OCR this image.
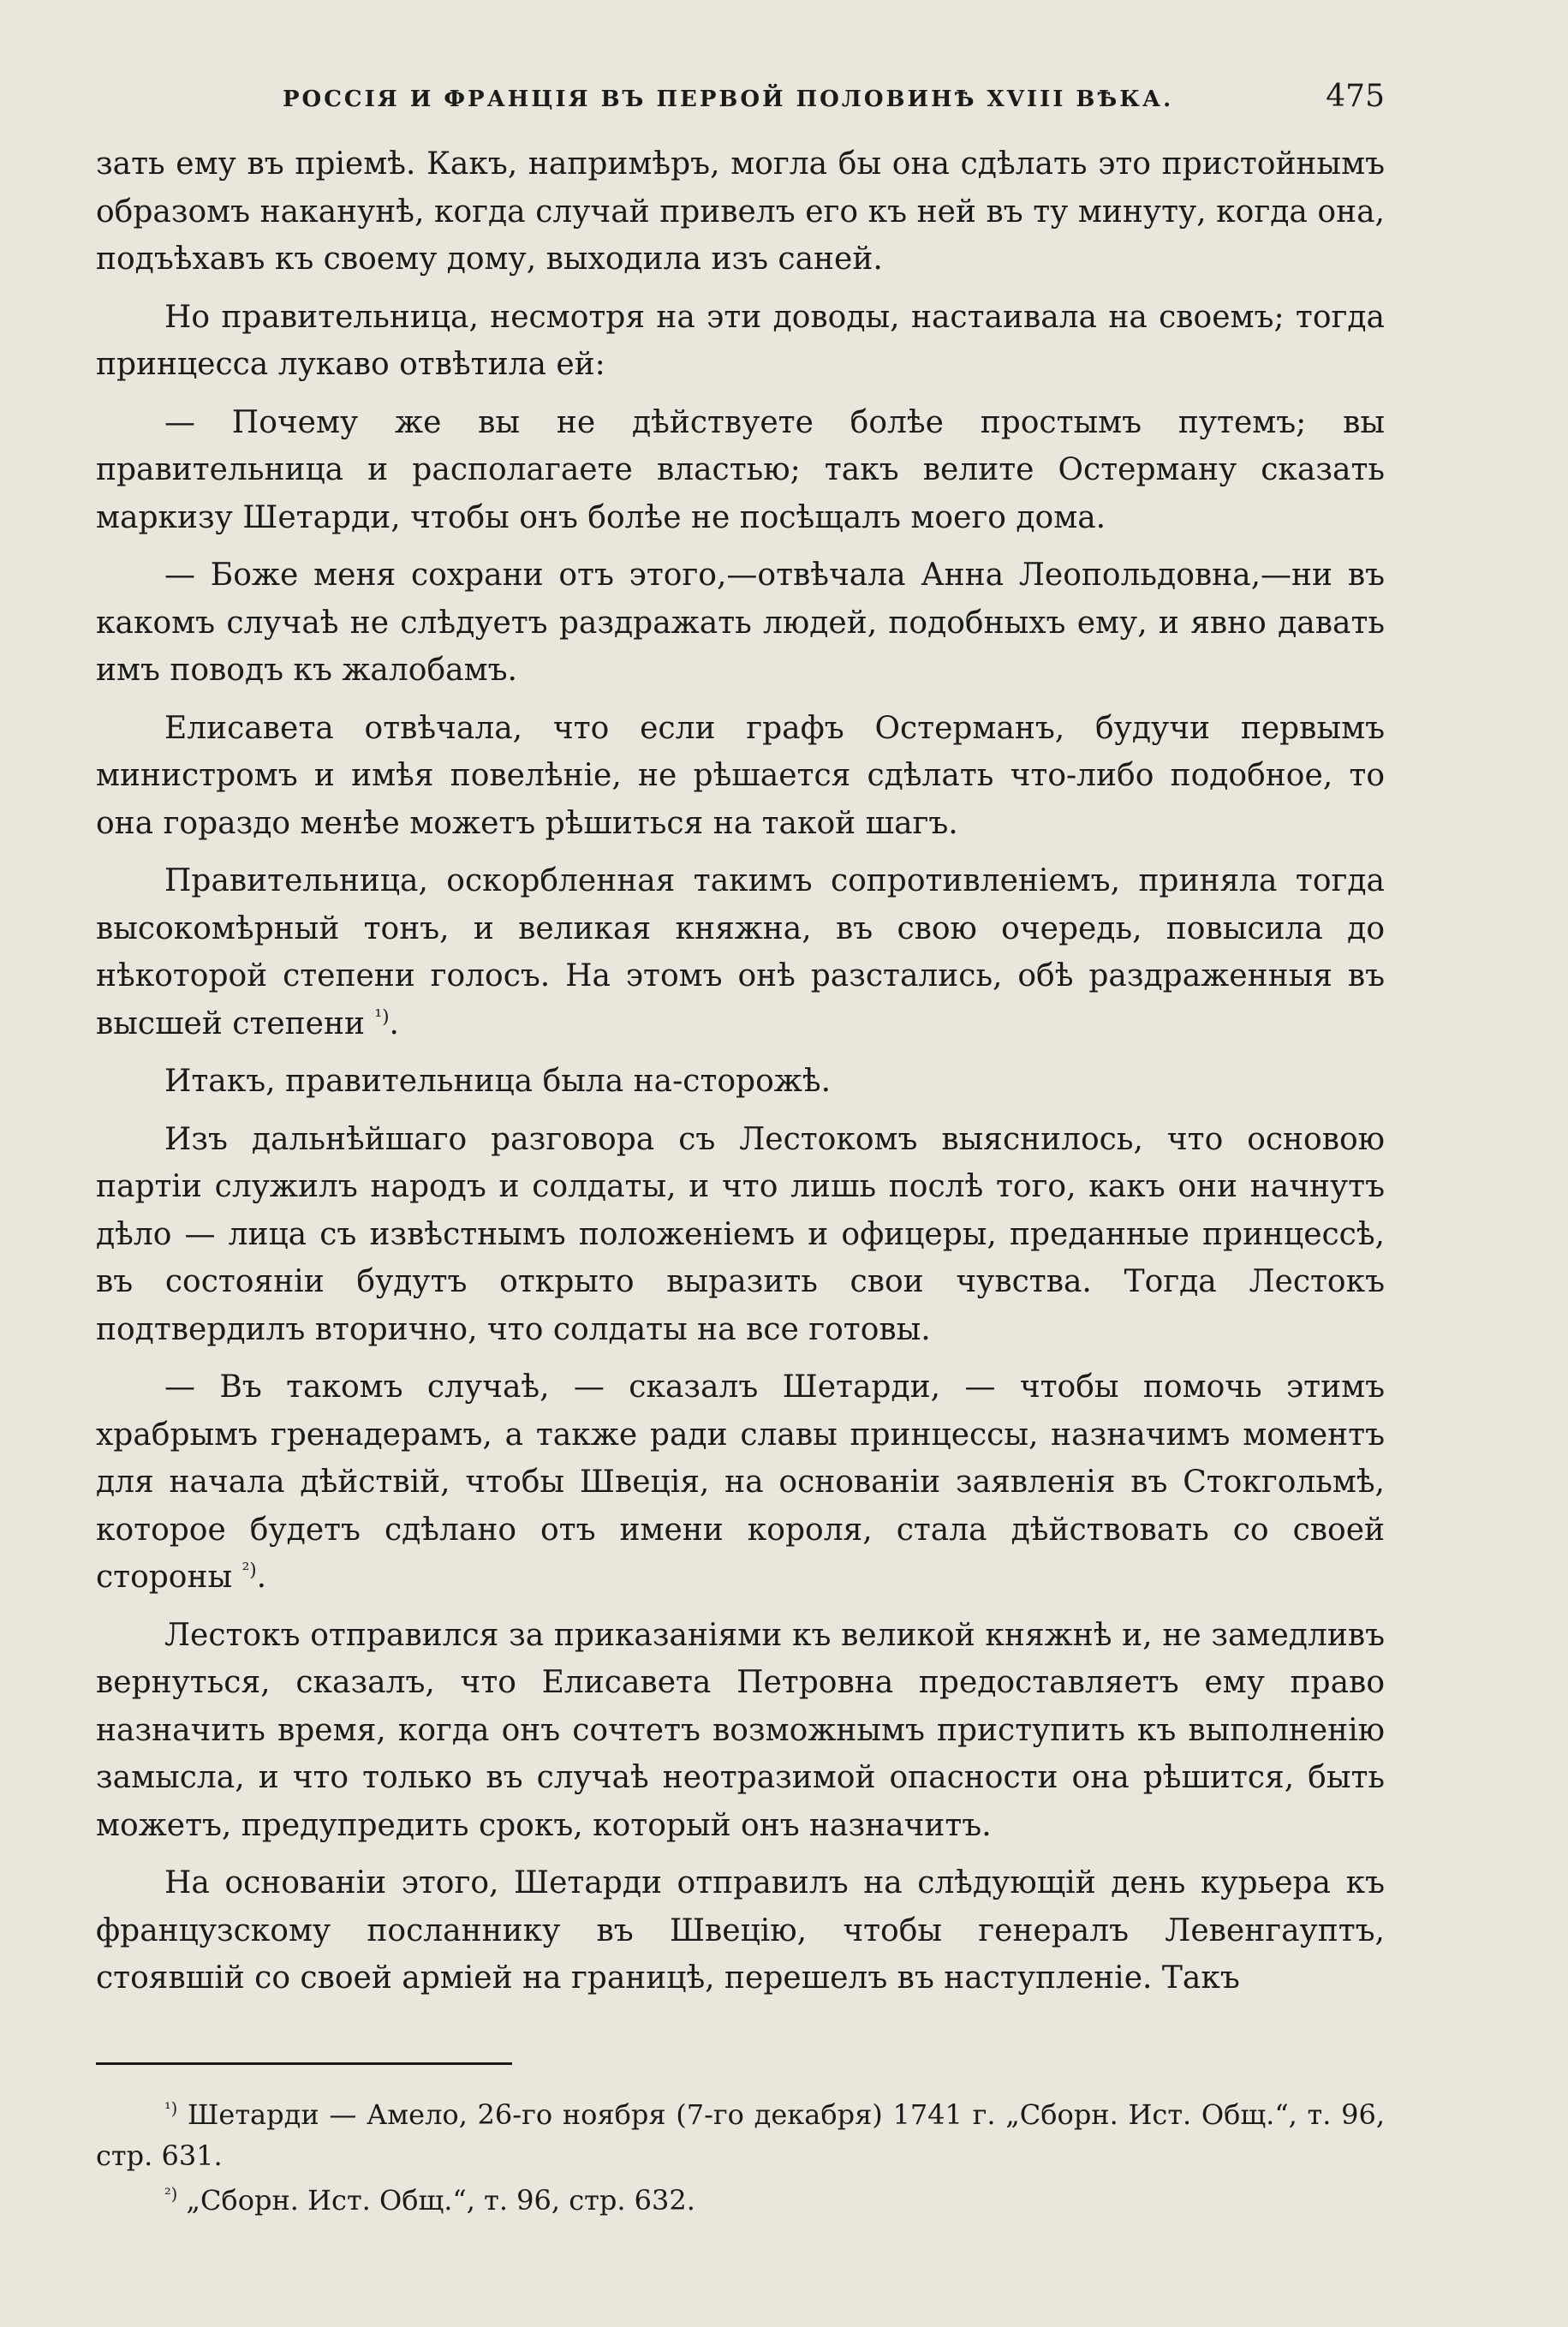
РОССІЯ И ФРАНЦІЯ ВЪ ПЕРВОЙ ПОЛОВИНѢ XVIII ВѢКА.	475

зать ему въ пріемѣ. Какъ, напримѣръ, могла бы она сдѣлать это пристойнымъ образомъ наканунѣ, когда случай привелъ его къ ней въ ту минуту, когда она, подъѣхавъ къ своему дому, выходила изъ саней.

Но правительница, несмотря на эти доводы, настаивала на своемъ; тогда принцесса лукаво отвѣтила ей:

— Почему же вы не дѣйствуете болѣе простымъ путемъ; вы правительница и располагаете властью; такъ велите Остерману сказать маркизу Шетарди, чтобы онъ болѣе не посѣщалъ моего дома.

— Боже меня сохрани отъ этого,—отвѣчала Анна Леопольдовна,—ни въ какомъ случаѣ не слѣдуетъ раздражать людей, подобныхъ ему, и явно давать имъ поводъ къ жалобамъ.

Елисавета отвѣчала, что если графъ Остерманъ, будучи первымъ министромъ и имѣя повелѣніе, не рѣшается сдѣлать что-либо подобное, то она гораздо менѣе можетъ рѣшиться на такой шагъ.

Правительница, оскорбленная такимъ сопротивленіемъ, приняла тогда высокомѣрный тонъ, и великая княжна, въ свою очередь, повысила до нѣкоторой степени голосъ. На этомъ онѣ разстались, обѣ раздраженныя въ высшей степени $^{^1)}$.

Итакъ, правительница была на-сторожѣ.

Изъ дальнѣйшаго разговора съ Лестокомъ выяснилось, что основою партіи служилъ народъ и солдаты, и что лишь послѣ того, какъ они начнутъ дѣло — лица съ извѣстнымъ положеніемъ и офицеры, преданные принцессѣ, въ состояніи будутъ открыто выразить свои чувства. Тогда Лестокъ подтвердилъ вторично, что солдаты на все готовы.

— Въ такомъ случаѣ, — сказалъ Шетарди, — чтобы помочь этимъ храбрымъ гренадерамъ, а также ради славы принцессы, назначимъ моментъ для начала дѣйствій, чтобы Швеція, на основаніи заявленія въ Стокгольмѣ, которое будетъ сдѣлано отъ имени короля, стала дѣйствовать со своей стороны $^{^2)}$.

Лестокъ отправился за приказаніями къ великой княжнѣ и, не замедливъ вернуться, сказалъ, что Елисавета Петровна предоставляетъ ему право назначить время, когда онъ сочтетъ возможнымъ приступить къ выполненію замысла, и что только въ случаѣ неотразимой опасности она рѣшится, быть можетъ, предупредить срокъ, который онъ назначитъ.

На основаніи этого, Шетарди отправилъ на слѣдующій день курьера къ французскому посланнику въ Швецію, чтобы генералъ Левенгауптъ, стоявшій со своей арміей на границѣ, перешелъ въ наступленіе. Такъ

$^{^1)}$ Шетарди — Амело, 26-го ноября (7-го декабря) 1741 г. „Сборн. Ист. Общ.“, т. 96, стр. 631.

$^{^2)}$ „Сборн. Ист. Общ.“, т. 96, стр. 632.
